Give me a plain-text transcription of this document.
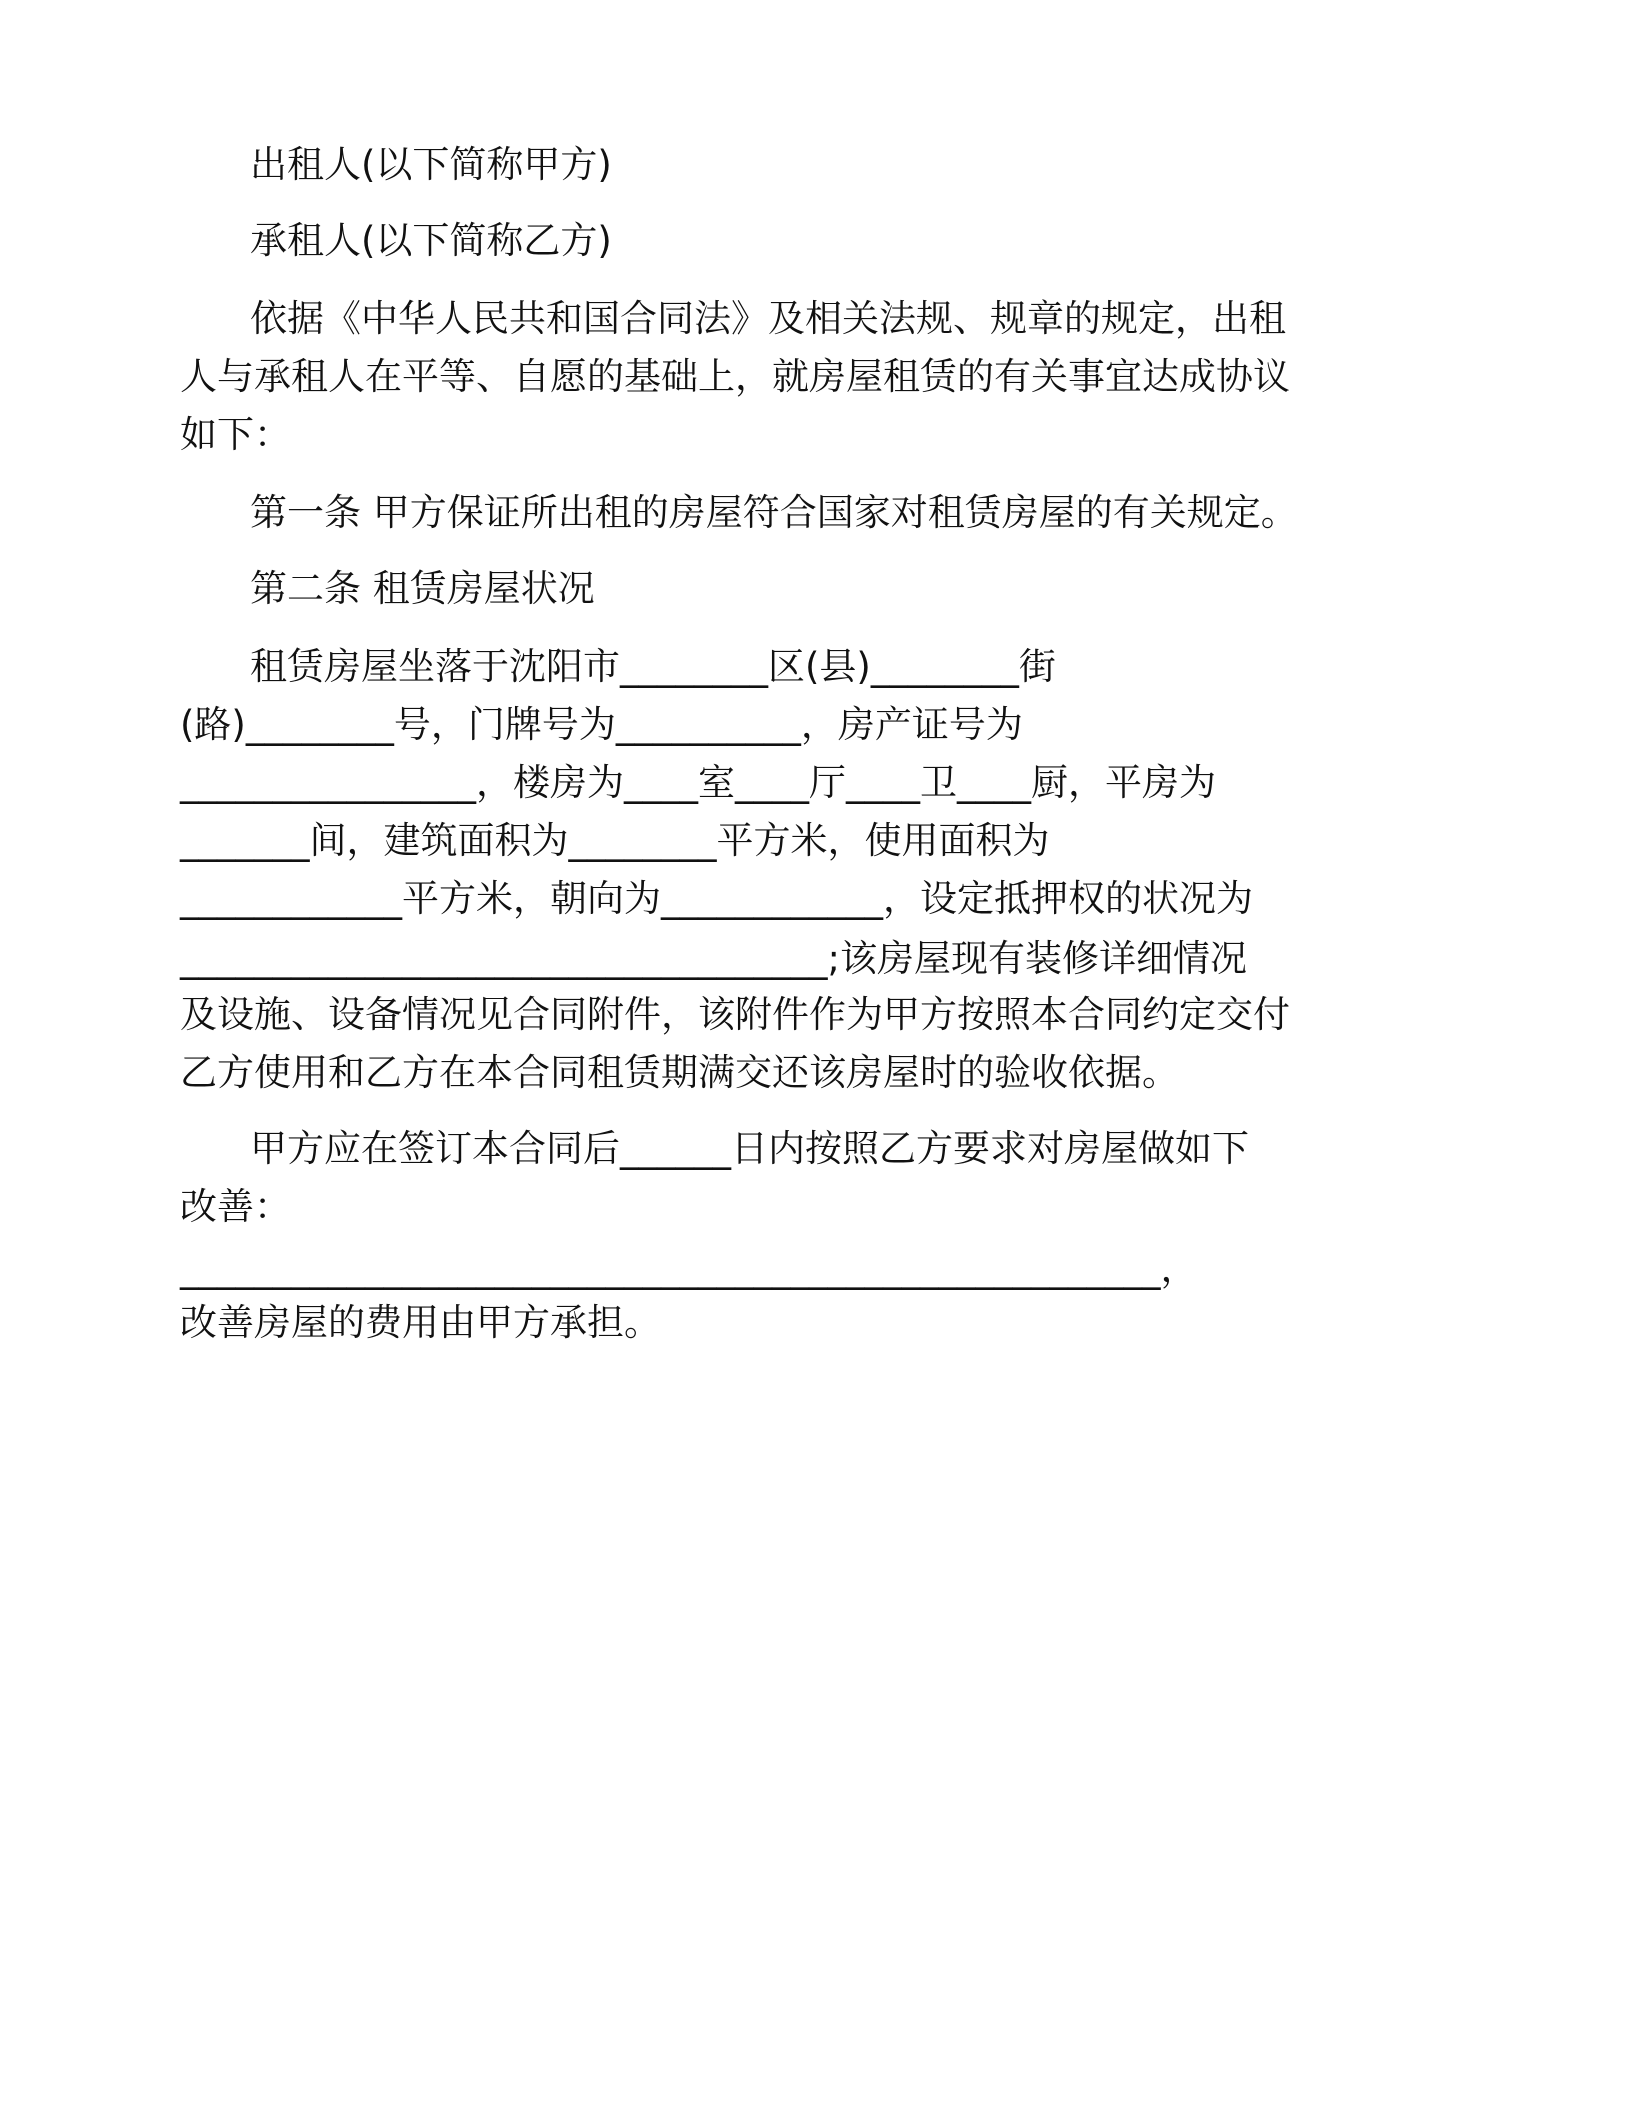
出租人(以下简称甲方)
承租人(以下简称乙方)
依据《中华人民共和国合同法》及相关法规、规章的规定，出租
人与承租人在平等、自愿的基础上，就房屋租赁的有关事宜达成协议
如下：
第一条 甲方保证所出租的房屋符合国家对租赁房屋的有关规定。
第二条 租赁房屋状况
租赁房屋坐落于沈阳市________区(县)________街
(路)________号，门牌号为__________，房产证号为
________________，楼房为____室____厅____卫____厨，平房为
_______间，建筑面积为________平方米，使用面积为
____________平方米，朝向为____________，设定抵押权的状况为
___________________________________;该房屋现有装修详细情况
及设施、设备情况见合同附件，该附件作为甲方按照本合同约定交付
乙方使用和乙方在本合同租赁期满交还该房屋时的验收依据。
甲方应在签订本合同后______日内按照乙方要求对房屋做如下
改善：
_____________________________________________________，
改善房屋的费用由甲方承担。
